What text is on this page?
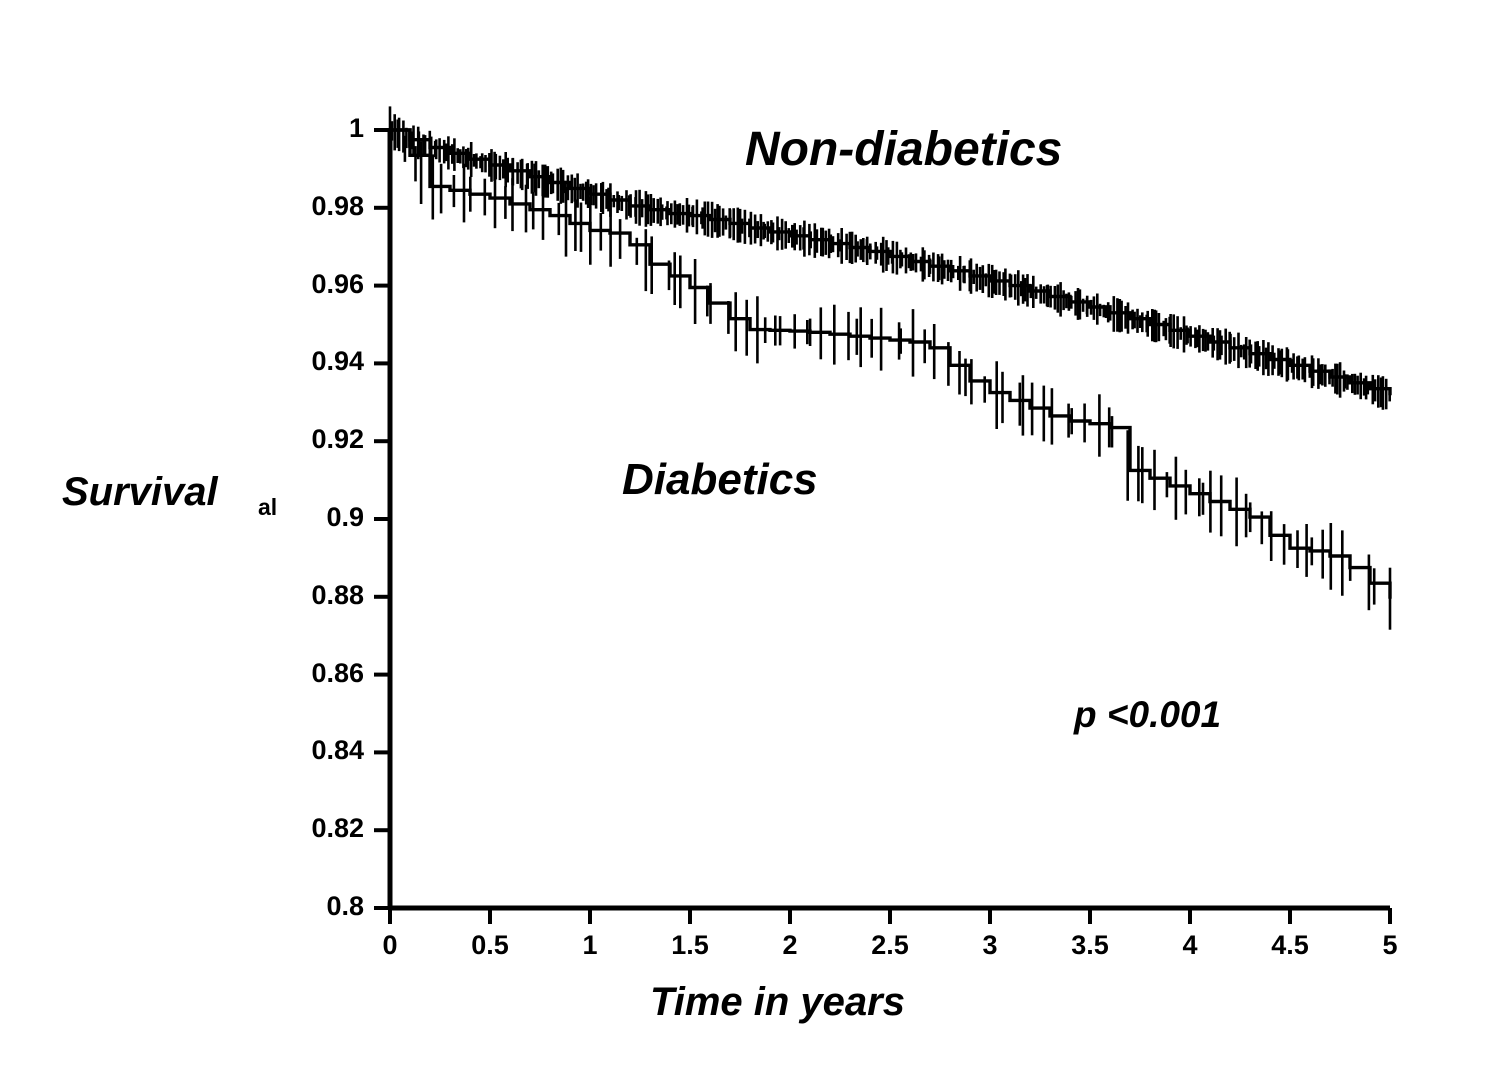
0.8
0.82
0.84
0.86
0.88
0.9
0.92
0.94
0.96
0.98
1
0	0.5	1	1.5	2	2.5	3	3.5	4	4.5	5
Survival al
Time in years
Non-diabetics
Diabetics
p <0.001
